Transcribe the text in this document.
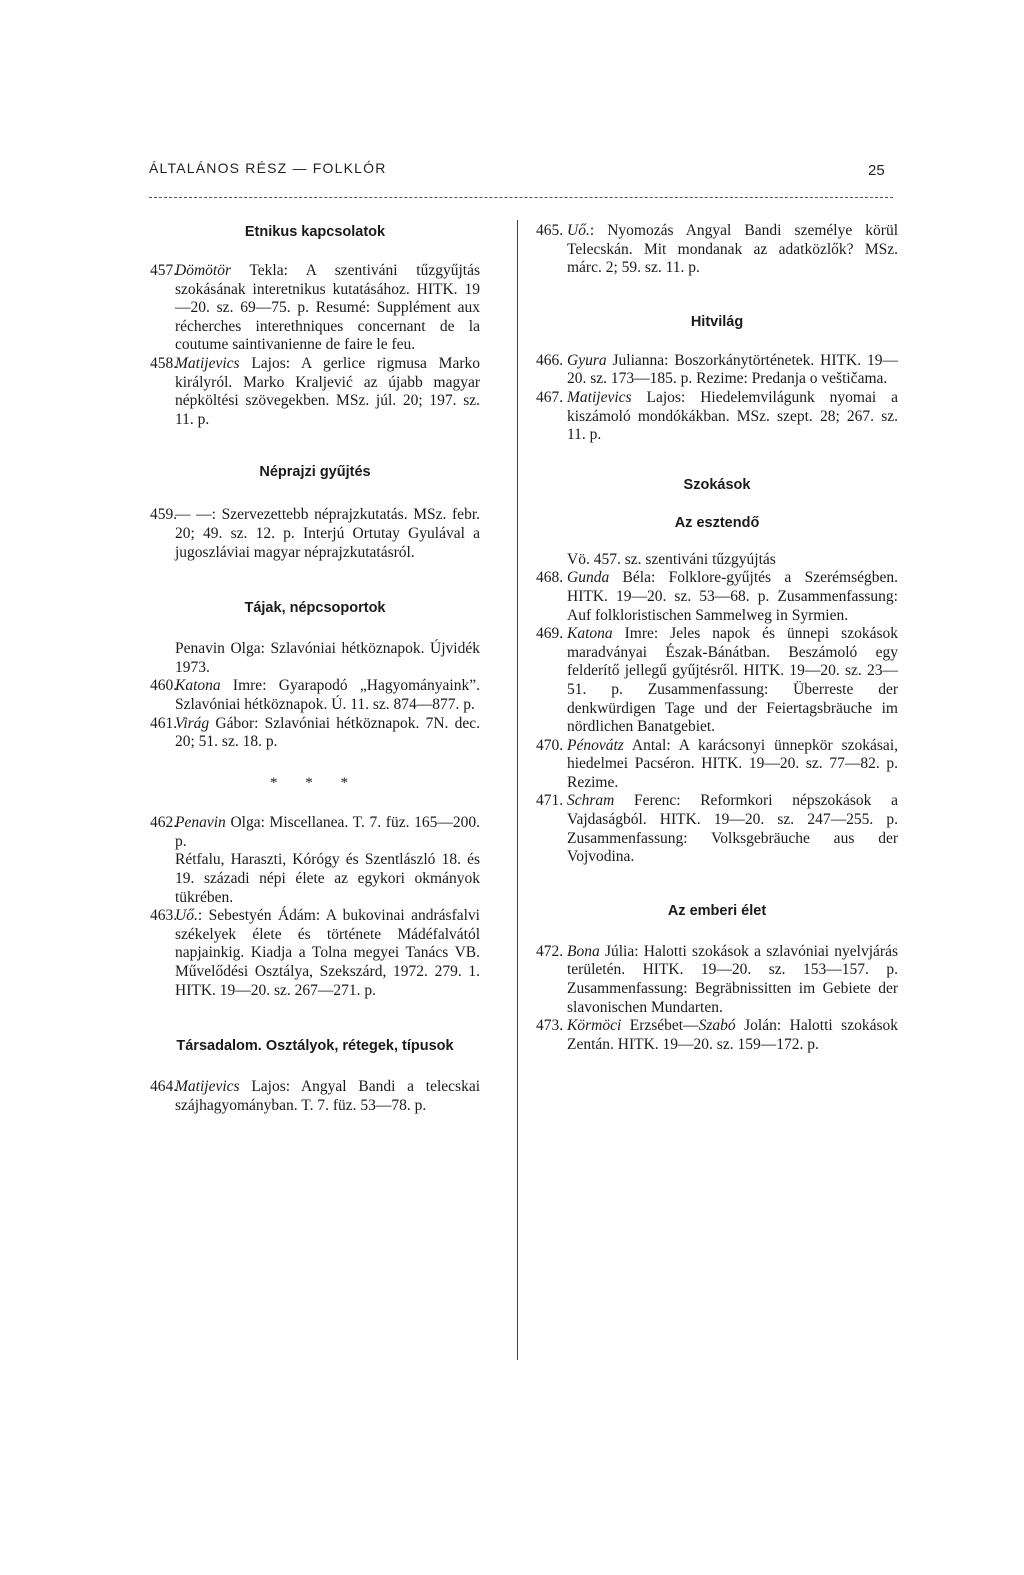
ÁLTALÁNOS RÉSZ — FOLKLÓR	25
Etnikus kapcsolatok
457.
Dömötör Tekla: A szentiváni tűzgyűjtás szokásának interetnikus kutatásához. HITK. 19—20. sz. 69—75. p. Resumé: Supplément aux récherches interethniques concernant de la coutume saintivanienne de faire le feu.
458.
Matijevics Lajos: A gerlice rigmusa Marko királyról. Marko Kraljević az újabb magyar népköltési szövegekben. MSz. júl. 20; 197. sz. 11. p.
Néprajzi gyűjtés
459.
— —: Szervezettebb néprajzkutatás. MSz. febr. 20; 49. sz. 12. p. Interjú Ortutay Gyulával a jugoszláviai magyar néprajzkutatásról.
Tájak, népcsoportok
Penavin Olga: Szlavóniai hétköznapok. Újvidék 1973.
460.
Katona Imre: Gyarapodó „Hagyományaink”. Szlavóniai hétköznapok. Ú. 11. sz. 874—877. p.
461.
Virág Gábor: Szlavóniai hétköznapok. 7N. dec. 20; 51. sz. 18. p.
* * *
462.
Penavin Olga: Miscellanea. T. 7. füz. 165—200. p.
Rétfalu, Haraszti, Kórógy és Szentlászló 18. és 19. századi népi élete az egykori okmányok tükrében.
463.
Uő.: Sebestyén Ádám: A bukovinai andrásfalvi székelyek élete és története Mádéfalvától napjainkig. Kiadja a Tolna megyei Tanács VB. Művelődési Osztálya, Szekszárd, 1972. 279. 1. HITK. 19—20. sz. 267—271. p.
Társadalom. Osztályok, rétegek, típusok
464.
Matijevics Lajos: Angyal Bandi a telecskai szájhagyományban. T. 7. füz. 53—78. p.
465. Uő.: Nyomozás Angyal Bandi személye körül Telecskán. Mit mondanak az adatközlők? MSz. márc. 2; 59. sz. 11. p.
Hitvilág
466. Gyura Julianna: Boszorkánytörténetek. HITK. 19—20. sz. 173—185. p. Rezime: Predanja o veštičama.
467. Matijevics Lajos: Hiedelemvilágunk nyomai a kiszámoló mondókákban. MSz. szept. 28; 267. sz. 11. p.
Szokások
Az esztendő
Vö. 457. sz. szentiváni tűzgyújtás
468. Gunda Béla: Folklore-gyűjtés a Szerémségben. HITK. 19—20. sz. 53—68. p. Zusammenfassung: Auf folkloristischen Sammelweg in Syrmien.
469. Katona Imre: Jeles napok és ünnepi szokások maradványai Észak-Bánátban. Beszámoló egy felderítő jellegű gyűjtésről. HITK. 19—20. sz. 23—51. p. Zusammenfassung: Überreste der denkwürdigen Tage und der Feiertagsbräuche im nördlichen Banatgebiet.
470. Pénovátz Antal: A karácsonyi ünnepkör szokásai, hiedelmei Pacséron. HITK. 19—20. sz. 77—82. p. Rezime.
471. Schram Ferenc: Reformkori népszokások a Vajdaságból. HITK. 19—20. sz. 247—255. p. Zusammenfassung: Volksgebräuche aus der Vojvodina.
Az emberi élet
472. Bona Júlia: Halotti szokások a szlavóniai nyelvjárás területén. HITK. 19—20. sz. 153—157. p. Zusammenfassung: Begräbnissitten im Gebiete der slavonischen Mundarten.
473. Körmöci Erzsébet—Szabó Jolán: Halotti szokások Zentán. HITK. 19—20. sz. 159—172. p.
